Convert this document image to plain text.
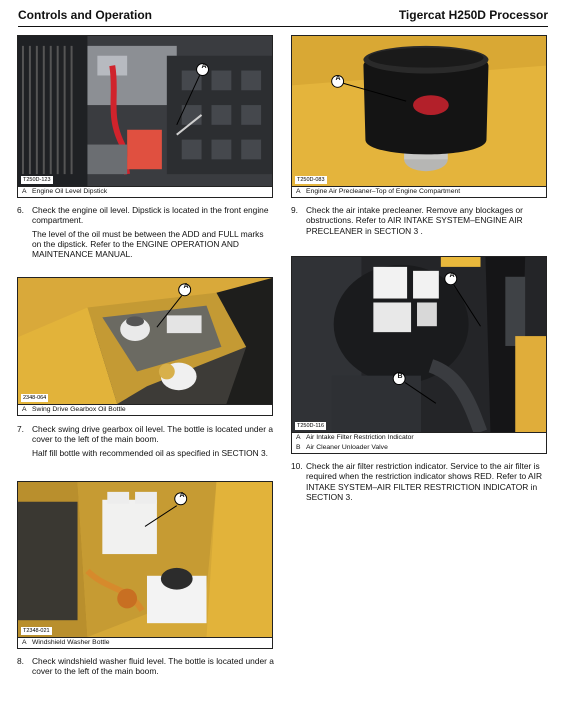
Controls and Operation	Tigercat H250D Processor
A
T250D-123
A Engine Oil Level Dipstick
6. Check the engine oil level. Dipstick is located in the front engine compartment.

The level of the oil must be between the ADD and FULL marks on the dipstick. Refer to the ENGINE OPERATION AND MAINTENANCE MANUAL.

A
2348-064
A Swing Drive Gearbox Oil Bottle
7. Check swing drive gearbox oil level. The bottle is located under a cover to the left of the main boom.

Half fill bottle with recommended oil as specified in SECTION 3.

A
T2348-021
A Windshield Washer Bottle
8. Check windshield washer fluid level. The bottle is located under a cover to the left of the main boom.

A
T250D-083
A Engine Air Precleaner–Top of Engine Compartment
9. Check the air intake precleaner. Remove any blockages or obstructions. Refer to AIR INTAKE SYSTEM–ENGINE AIR PRECLEANER in SECTION 3 .

A
B
T250D-116
A Air Intake Filter Restriction Indicator
B Air Cleaner Unloader Valve
10. Check the air filter restriction indicator. Service to the air filter is required when the restriction indicator shows RED. Refer to AIR INTAKE SYSTEM–AIR FILTER RESTRICTION INDICATOR in SECTION 3.
